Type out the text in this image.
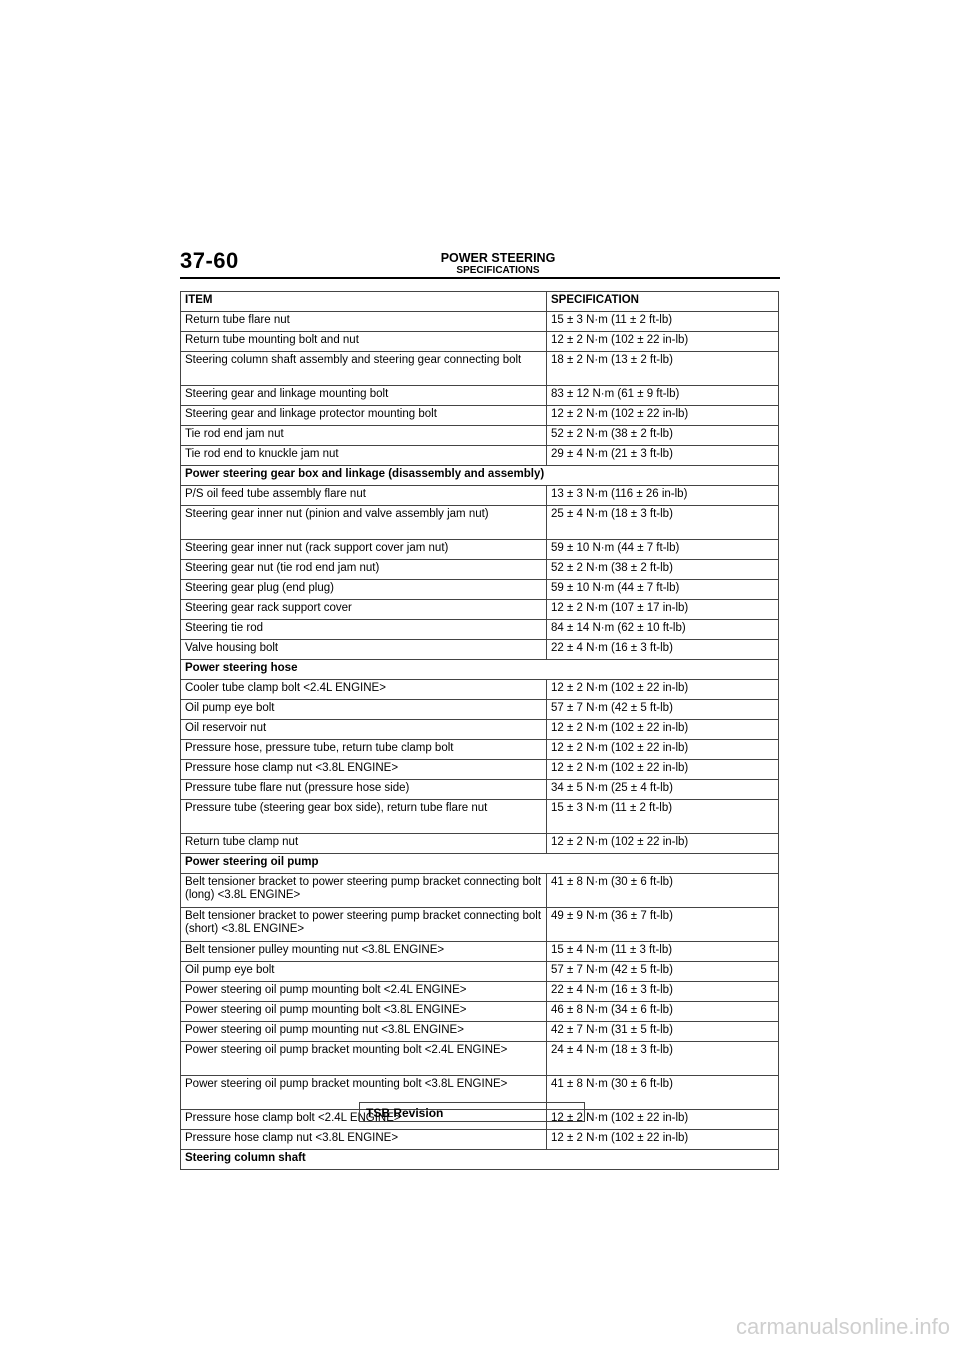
37-60	POWER STEERING
SPECIFICATIONS
ITEM	SPECIFICATION
Return tube flare nut	15 ± 3 N·m (11 ± 2 ft-lb)
Return tube mounting bolt and nut	12 ± 2 N·m (102 ± 22 in-lb)
Steering column shaft assembly and steering gear connecting bolt	18 ± 2 N·m (13 ± 2 ft-lb)
Steering gear and linkage mounting bolt	83 ± 12 N·m (61 ± 9 ft-lb)
Steering gear and linkage protector mounting bolt	12 ± 2 N·m (102 ± 22 in-lb)
Tie rod end jam nut	52 ± 2 N·m (38 ± 2 ft-lb)
Tie rod end to knuckle jam nut	29 ± 4 N·m (21 ± 3 ft-lb)
Power steering gear box and linkage (disassembly and assembly)	
P/S oil feed tube assembly flare nut	13 ± 3 N·m (116 ± 26 in-lb)
Steering gear inner nut (pinion and valve assembly jam nut)	25 ± 4 N·m (18 ± 3 ft-lb)
Steering gear inner nut (rack support cover jam nut)	59 ± 10 N·m (44 ± 7 ft-lb)
Steering gear nut (tie rod end jam nut)	52 ± 2 N·m (38 ± 2 ft-lb)
Steering gear plug (end plug)	59 ± 10 N·m (44 ± 7 ft-lb)
Steering gear rack support cover	12 ± 2 N·m (107 ± 17 in-lb)
Steering tie rod	84 ± 14 N·m (62 ± 10 ft-lb)
Valve housing bolt	22 ± 4 N·m (16 ± 3 ft-lb)
Power steering hose	
Cooler tube clamp bolt <2.4L ENGINE>	12 ± 2 N·m (102 ± 22 in-lb)
Oil pump eye bolt	57 ± 7 N·m (42 ± 5 ft-lb)
Oil reservoir nut	12 ± 2 N·m (102 ± 22 in-lb)
Pressure hose, pressure tube, return tube clamp bolt	12 ± 2 N·m (102 ± 22 in-lb)
Pressure hose clamp nut <3.8L ENGINE>	12 ± 2 N·m (102 ± 22 in-lb)
Pressure tube flare nut (pressure hose side)	34 ± 5 N·m (25 ± 4 ft-lb)
Pressure tube (steering gear box side), return tube flare nut	15 ± 3 N·m (11 ± 2 ft-lb)
Return tube clamp nut	12 ± 2 N·m (102 ± 22 in-lb)
Power steering oil pump	
Belt tensioner bracket to power steering pump bracket connecting bolt (long) <3.8L ENGINE>	41 ± 8 N·m (30 ± 6 ft-lb)
Belt tensioner bracket to power steering pump bracket connecting bolt (short) <3.8L ENGINE>	49 ± 9 N·m (36 ± 7 ft-lb)
Belt tensioner pulley mounting nut <3.8L ENGINE>	15 ± 4 N·m (11 ± 3 ft-lb)
Oil pump eye bolt	57 ± 7 N·m (42 ± 5 ft-lb)
Power steering oil pump mounting bolt <2.4L ENGINE>	22 ± 4 N·m (16 ± 3 ft-lb)
Power steering oil pump mounting bolt <3.8L ENGINE>	46 ± 8 N·m (34 ± 6 ft-lb)
Power steering oil pump mounting nut <3.8L ENGINE>	42 ± 7 N·m (31 ± 5 ft-lb)
Power steering oil pump bracket mounting bolt <2.4L ENGINE>	24 ± 4 N·m (18 ± 3 ft-lb)
Power steering oil pump bracket mounting bolt <3.8L ENGINE>	41 ± 8 N·m (30 ± 6 ft-lb)
Pressure hose clamp bolt <2.4L ENGINE>	12 ± 2 N·m (102 ± 22 in-lb)
Pressure hose clamp nut <3.8L ENGINE>	12 ± 2 N·m (102 ± 22 in-lb)
Steering column shaft	
TSB Revision
carmanualsonline.info
